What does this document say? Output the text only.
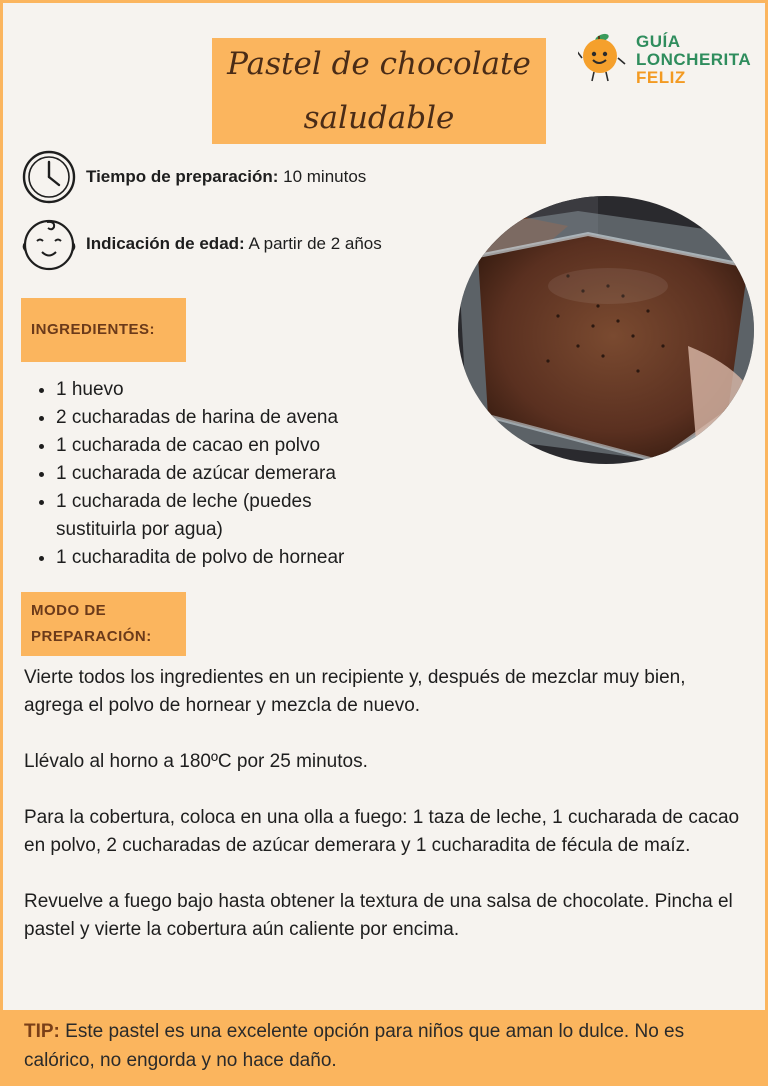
Pastel de chocolate
saludable
GUÍA
LONCHERITA
FELIZ
Tiempo de preparación: 10 minutos
Indicación de edad: A partir de 2 años
INGREDIENTES:
• 1 huevo
• 2 cucharadas de harina de avena
• 1 cucharada de cacao en polvo
• 1 cucharada de azúcar demerara
• 1 cucharada de leche (puedes sustituirla por agua)
• 1 cucharadita de polvo de hornear
MODO DE
PREPARACIÓN:

Vierte todos los ingredientes en un recipiente y, después de mezclar muy bien, agrega el polvo de hornear y mezcla de nuevo.

Llévalo al horno a 180ºC por 25 minutos.

Para la cobertura, coloca en una olla a fuego: 1 taza de leche, 1 cucharada de cacao en polvo, 2 cucharadas de azúcar demerara y 1 cucharadita de fécula de maíz.

Revuelve a fuego bajo hasta obtener la textura de una salsa de chocolate. Pincha el pastel y vierte la cobertura aún caliente por encima.

TIP: Este pastel es una excelente opción para niños que aman lo dulce. No es calórico, no engorda y no hace daño.
